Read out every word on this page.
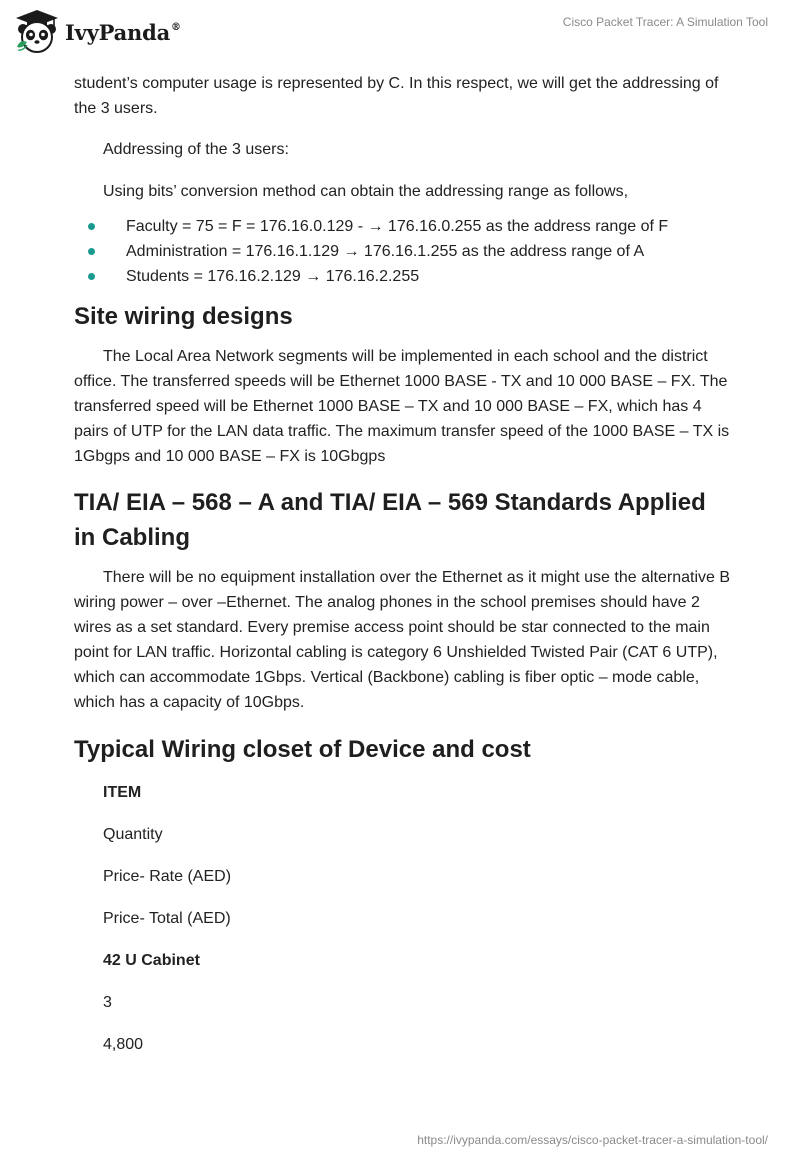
IvyPanda®	Cisco Packet Tracer: A Simulation Tool

student’s computer usage is represented by C. In this respect, we will get the addressing of the 3 users.

Addressing of the 3 users:

Using bits’ conversion method can obtain the addressing range as follows,

Faculty = 75 = F = 176.16.0.129 - → 176.16.0.255 as the address range of F
Administration = 176.16.1.129 → 176.16.1.255 as the address range of A
Students = 176.16.2.129 → 176.16.2.255
Site wiring designs

The Local Area Network segments will be implemented in each school and the district office. The transferred speeds will be Ethernet 1000 BASE - TX and 10 000 BASE – FX. The transferred speed will be Ethernet 1000 BASE – TX and 10 000 BASE – FX, which has 4 pairs of UTP for the LAN data traffic. The maximum transfer speed of the 1000 BASE – TX is 1Gbgps and 10 000 BASE – FX is 10Gbgps

TIA/ EIA – 568 – A and TIA/ EIA – 569 Standards Applied in Cabling

There will be no equipment installation over the Ethernet as it might use the alternative B wiring power – over –Ethernet. The analog phones in the school premises should have 2 wires as a set standard. Every premise access point should be star connected to the main point for LAN traffic. Horizontal cabling is category 6 Unshielded Twisted Pair (CAT 6 UTP), which can accommodate 1Gbps. Vertical (Backbone) cabling is fiber optic – mode cable, which has a capacity of 10Gbps.

Typical Wiring closet of Device and cost

ITEM

Quantity

Price- Rate (AED)

Price- Total (AED)

42 U Cabinet

3

4,800

https://ivypanda.com/essays/cisco-packet-tracer-a-simulation-tool/
